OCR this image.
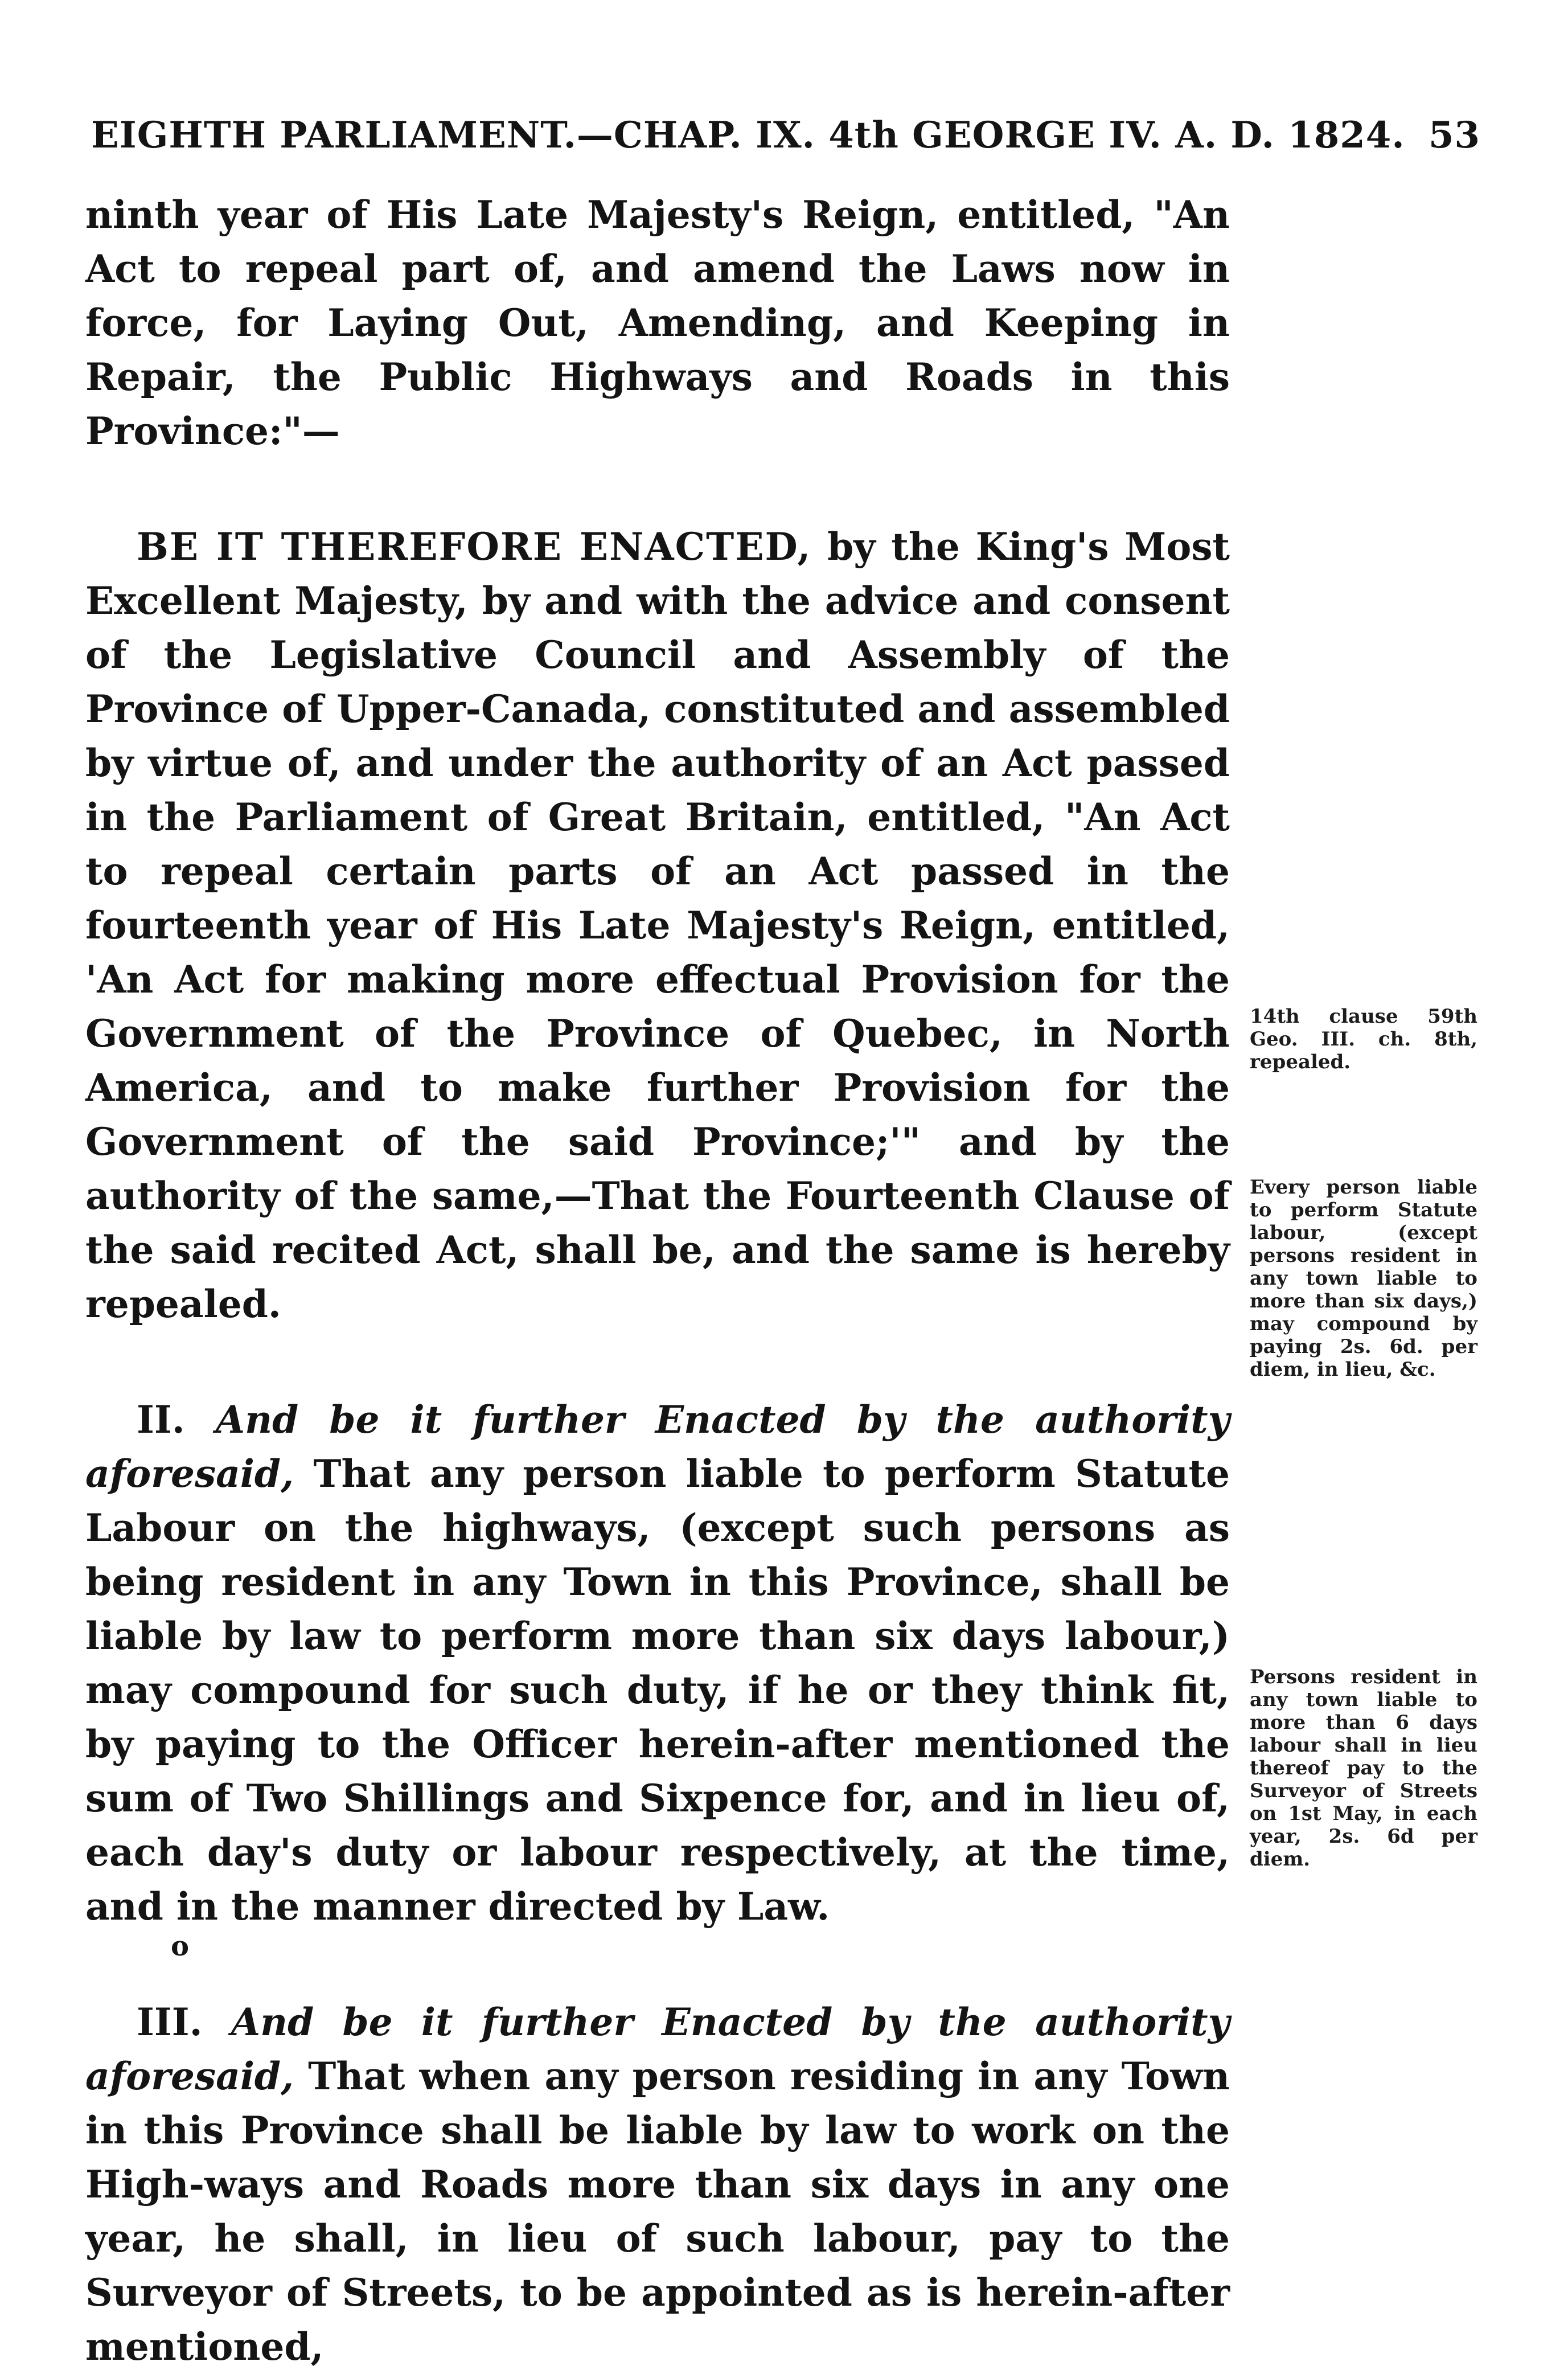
EIGHTH PARLIAMENT.—CHAP. IX. 4th GEORGE IV. A. D. 1824. 53

ninth year of His Late Majesty's Reign, entitled, "An Act to repeal part of, and amend the Laws now in force, for Laying Out, Amending, and Keeping in Repair, the Public Highways and Roads in this Province:"—

BE IT THEREFORE ENACTED, by the King's Most Excellent Majesty, by and with the advice and consent of the Legislative Council and Assembly of the Province of Upper-Canada, constituted and assembled by virtue of, and under the authority of an Act passed in the Parliament of Great Britain, entitled, "An Act to repeal certain parts of an Act passed in the fourteenth year of His Late Majesty's Reign, entitled, 'An Act for making more effectual Provision for the Government of the Province of Quebec, in North America, and to make further Provision for the Government of the said Province;'" and by the authority of the same,—That the Fourteenth Clause of the said recited Act, shall be, and the same is hereby repealed.

II. And be it further Enacted by the authority aforesaid, That any person liable to perform Statute Labour on the highways, (except such persons as being resident in any Town in this Province, shall be liable by law to perform more than six days labour,) may compound for such duty, if he or they think fit, by paying to the Officer herein-after mentioned the sum of Two Shillings and Sixpence for, and in lieu of, each day's duty or labour respectively, at the time, and in the manner directed by Law.

III. And be it further Enacted by the authority aforesaid, That when any person residing in any Town in this Province shall be liable by law to work on the High-ways and Roads more than six days in any one year, he shall, in lieu of such labour, pay to the Surveyor of Streets, to be appointed as is herein-after mentioned,

14th clause 59th Geo. III. ch. 8th, repealed.
Every person liable to perform Statute labour, (except persons resident in any town liable to more than six days,) may compound by paying 2s. 6d. per diem, in lieu, &c.
Persons resident in any town liable to more than 6 days labour shall in lieu thereof pay to the Surveyor of Streets on 1st May, in each year, 2s. 6d per diem.
o
